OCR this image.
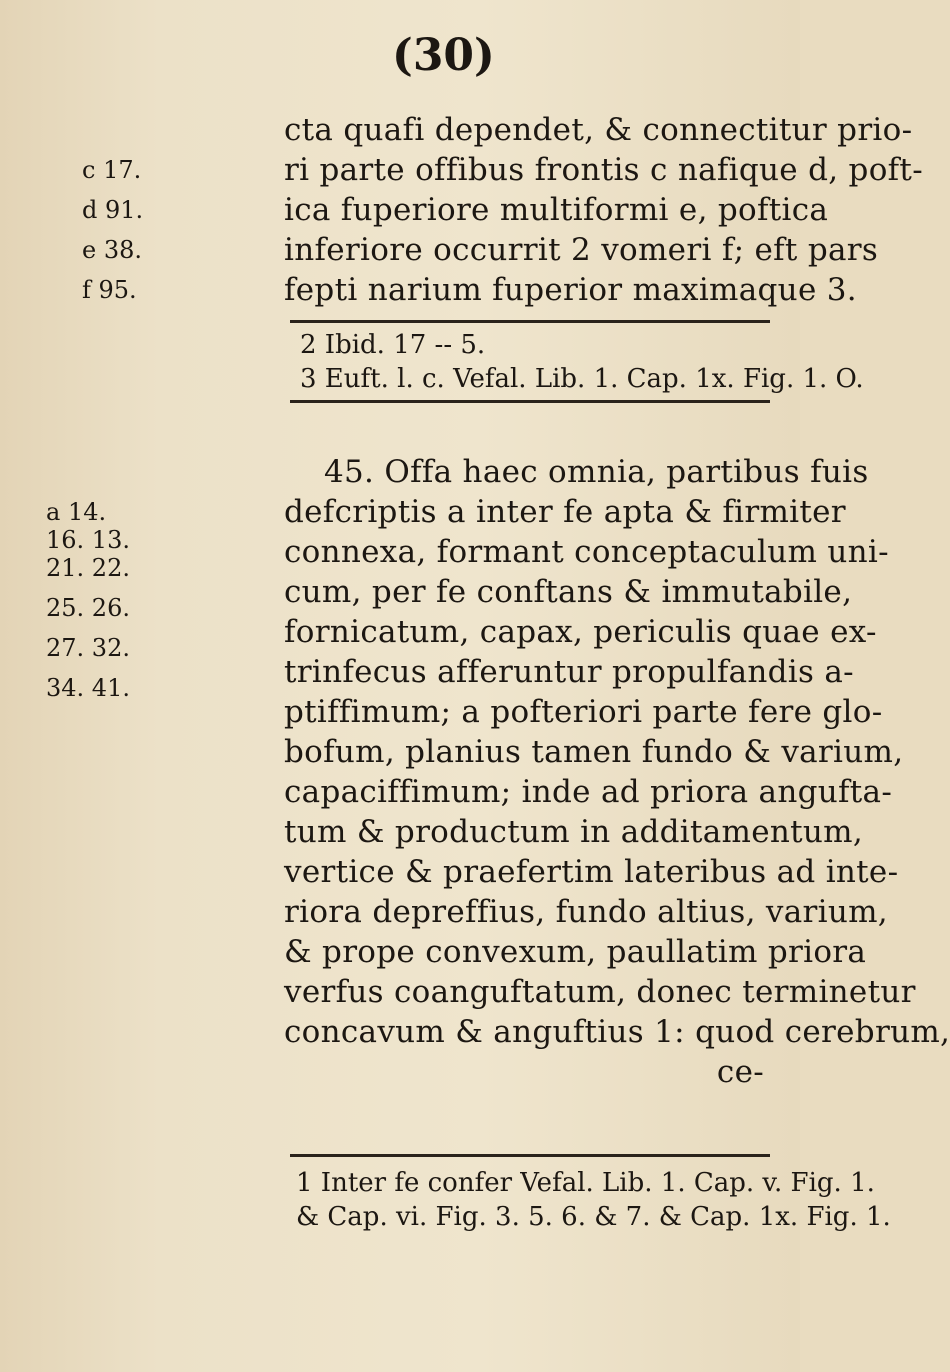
(30)
c 17.
d 91.
e 38.
f 95.
cta quafi dependet, & connectitur prio-
ri parte offibus frontis c nafique d, poft-
ica fuperiore multiformi e, poftica
inferiore occurrit 2 vomeri f; eft pars
fepti narium fuperior maximaque 3.
2 Ibid. 17 -- 5.
3 Euft. l. c. Vefal. Lib. 1. Cap. 1x. Fig. 1. O.
45. Offa haec omnia, partibus fuis
defcriptis a inter fe apta & firmiter
connexa, formant conceptaculum uni-
cum, per fe conftans & immutabile,
fornicatum, capax, periculis quae ex-
trinfecus afferuntur propulfandis a-
ptiffimum; a pofteriori parte fere glo-
bofum, planius tamen fundo & varium,
capaciffimum; inde ad priora angufta-
tum & productum in additamentum,
vertice & praefertim lateribus ad inte-
riora depreffius, fundo altius, varium,
& prope convexum, paullatim priora
verfus coanguftatum, donec terminetur
concavum & anguftius 1: quod cerebrum,
ce-
a 14.
16. 13.
21. 22.
25. 26.
27. 32.
34. 41.
1 Inter fe confer Vefal. Lib. 1. Cap. v. Fig. 1.
& Cap. vi. Fig. 3. 5. 6. & 7. & Cap. 1x. Fig. 1.
